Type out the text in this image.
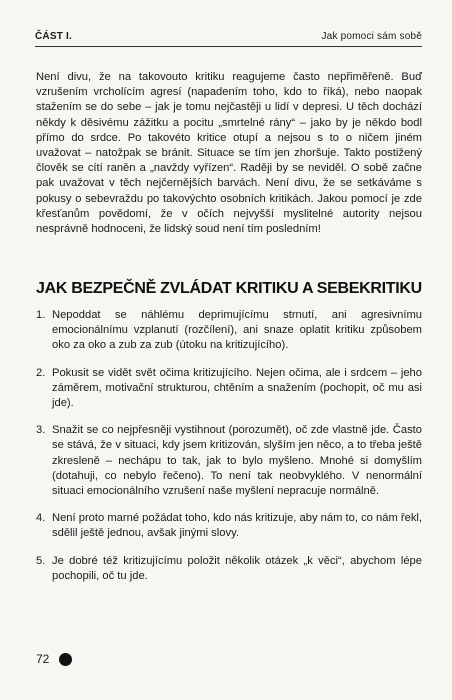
ČÁST I.	Jak pomoci sám sobě

Není divu, že na takovouto kritiku reagujeme často nepřiměřeně. Buď vzrušením vrcholícím agresí (napadením toho, kdo to říká), nebo naopak stažením se do sebe – jak je tomu nejčastěji u lidí v depresi. U těch dochází někdy k děsivému zážitku a pocitu „smrtelné rány“ – jako by je někdo bodl přímo do srdce. Po takovéto kritice otupí a nejsou s to o ničem jiném uvažovat – natožpak se bránit. Situace se tím jen zhoršuje. Takto postižený člověk se cítí raněn a „navždy vyřízen“. Raději by se neviděl. O sobě začne pak uvažovat v těch nejčernějších barvách. Není divu, že se setkáváme s pokusy o sebevraždu po takovýchto osobních kritikách. Jakou pomocí je zde křesťanům povědomí, že v očích nejvyšší myslitelné autority nejsou nesprávně hodnoceni, že lidský soud není tím posledním!

JAK BEZPEČNĚ ZVLÁDAT KRITIKU A SEBEKRITIKU
1. Nepoddat se náhlému deprimujícímu strnutí, ani agresivnímu emocionálnímu vzplanutí (rozčílení), ani snaze oplatit kritiku způsobem oko za oko a zub za zub (útoku na kritizujícího).
2. Pokusit se vidět svět očima kritizujícího. Nejen očima, ale i srdcem – jeho záměrem, motivační strukturou, chtěním a snažením (pochopit, oč mu asi jde).
3. Snažit se co nejpřesněji vystihnout (porozumět), oč zde vlastně jde. Často se stává, že v situaci, kdy jsem kritizován, slyším jen něco, a to třeba ještě zkresleně – nechápu to tak, jak to bylo myšleno. Mnohé si domyšlím (dotahuji, co nebylo řečeno). To není tak neobvyklého. V nenormální situaci emocionálního vzrušení naše myšlení nepracuje normálně.
4. Není proto marné požádat toho, kdo nás kritizuje, aby nám to, co nám řekl, sdělil ještě jednou, avšak jinými slovy.
5. Je dobré též kritizujícímu položit několik otázek „k věci“, abychom lépe pochopili, oč tu jde.
72
